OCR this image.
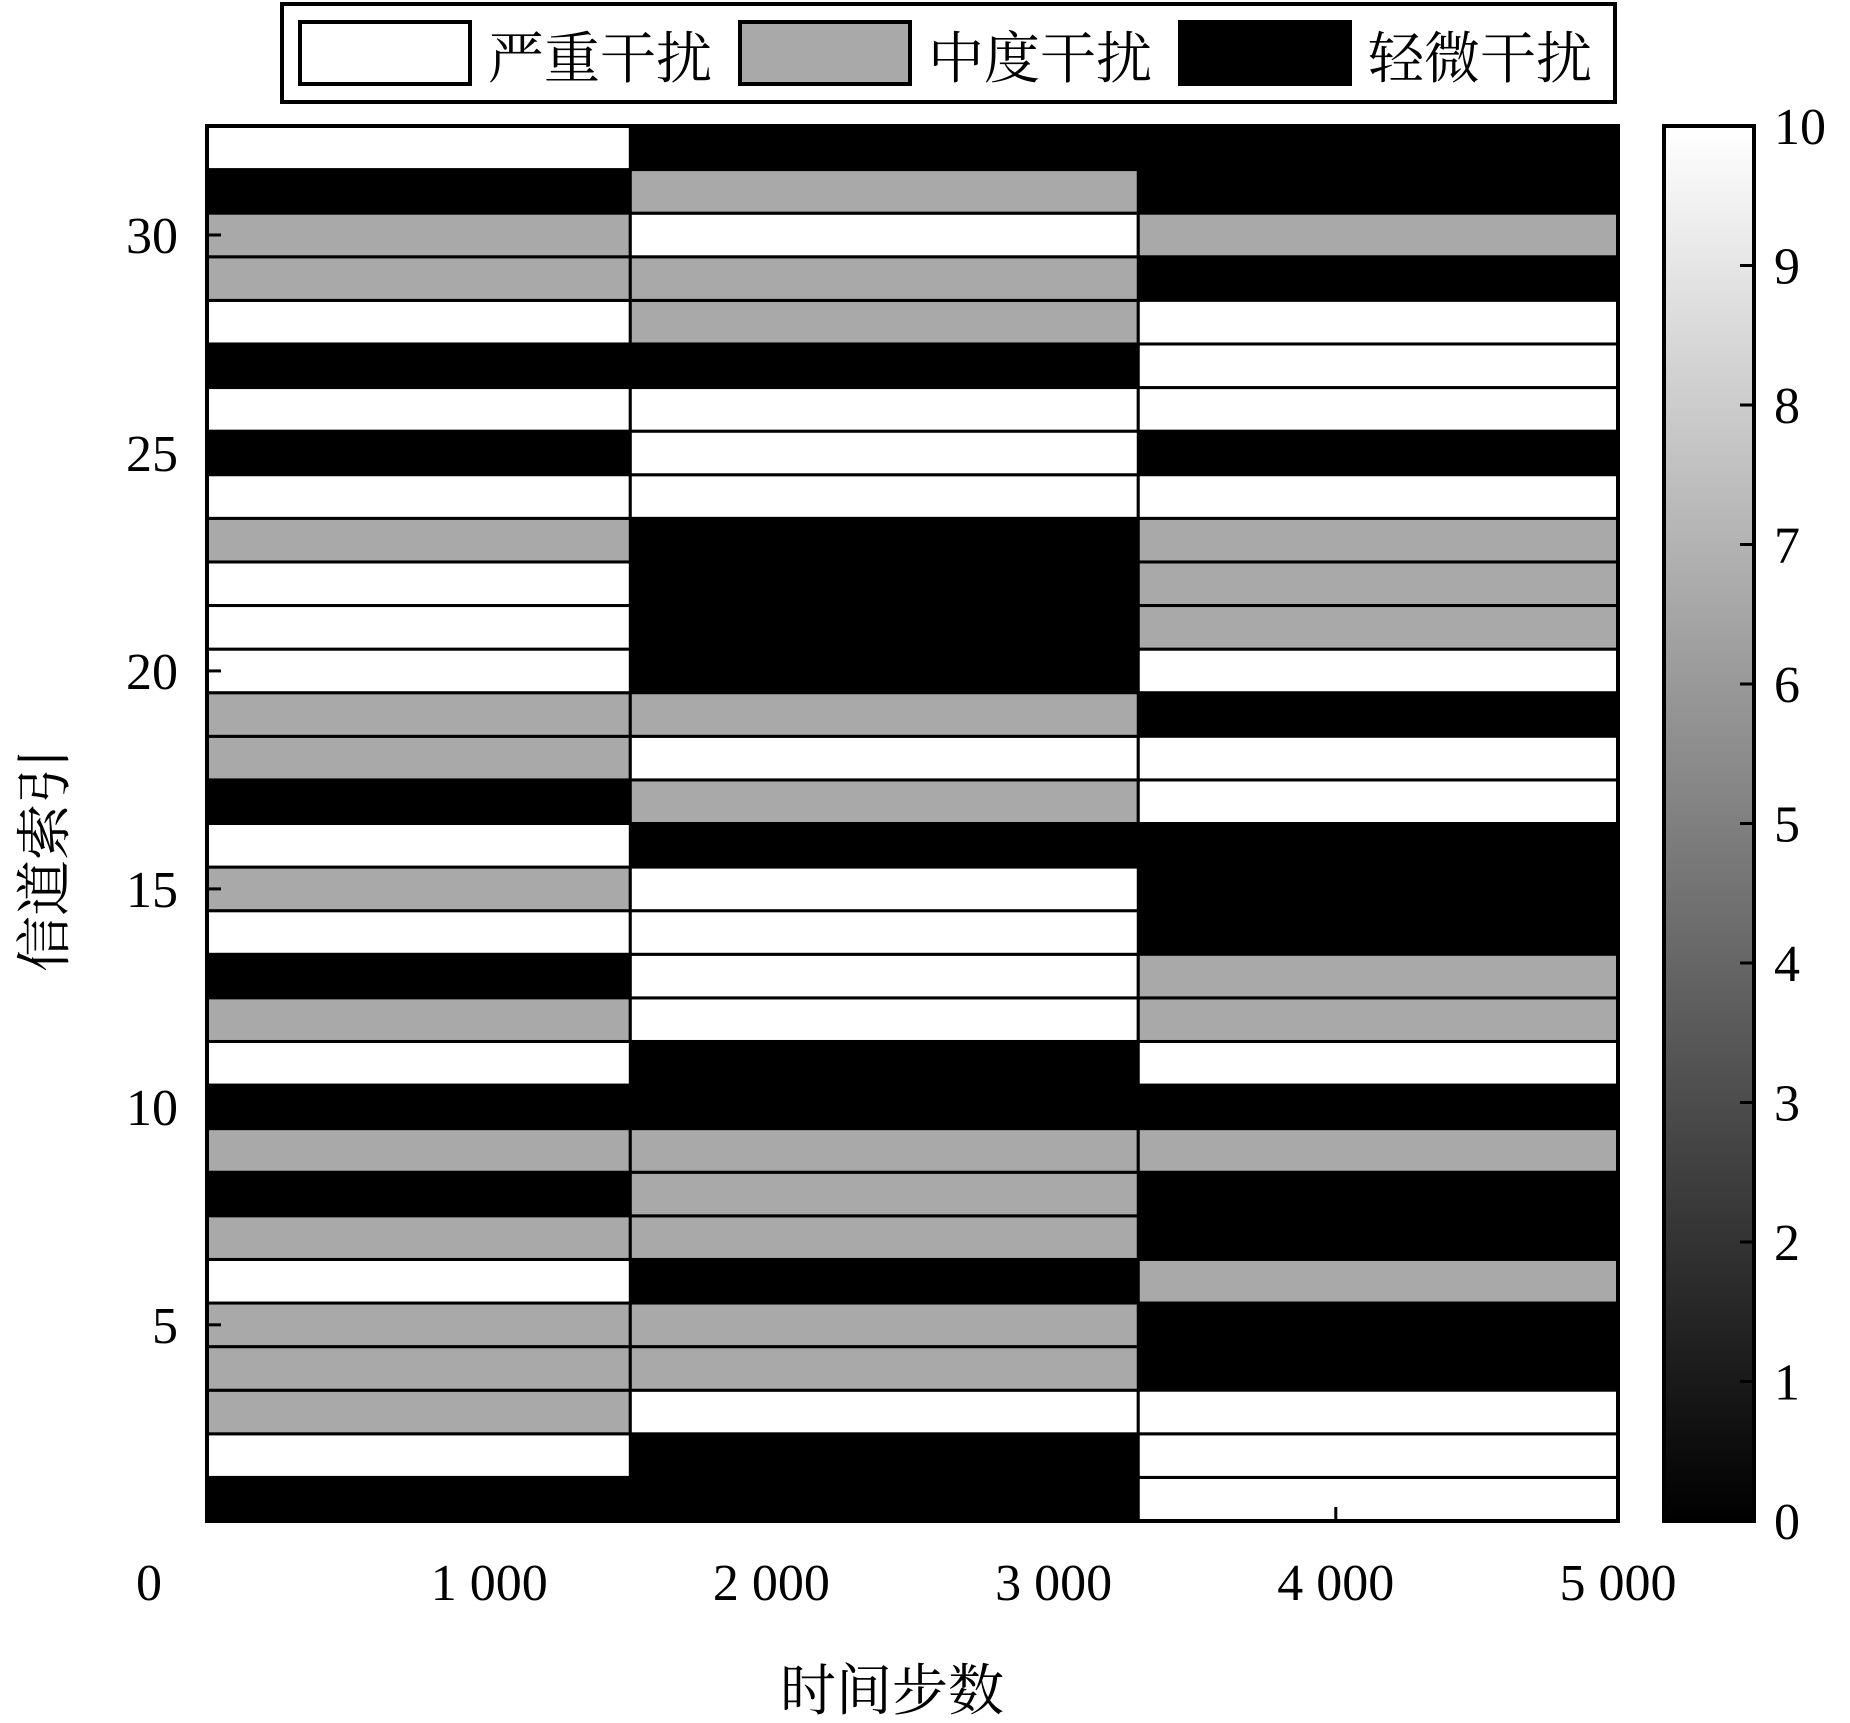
严重干扰	中度干扰	轻微干扰
0	1 000	2 000	3 000	4 000	5 000
5
10
15
20
25
30
时间步数
信道索引
0
1
2
3
4
5
6
7
8
9
10
